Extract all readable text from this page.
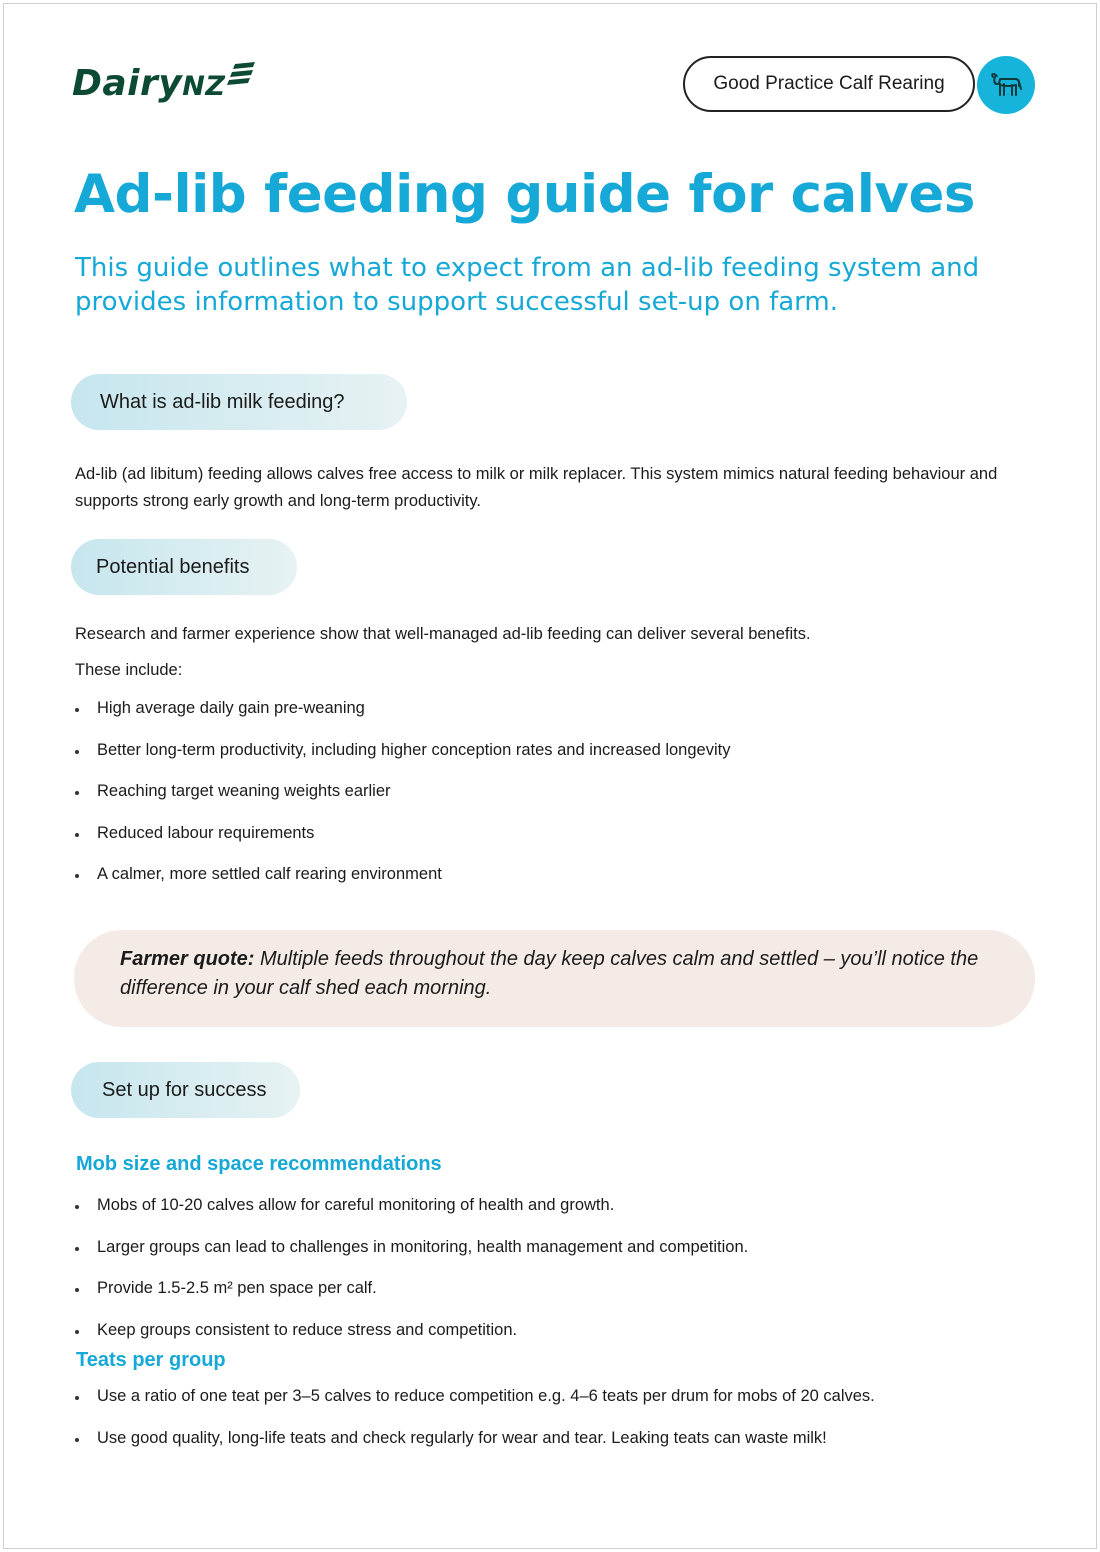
DairyNZ	Good Practice Calf Rearing
Ad-lib feeding guide for calves
This guide outlines what to expect from an ad-lib feeding system and provides information to support successful set-up on farm.
What is ad-lib milk feeding?
Ad-lib (ad libitum) feeding allows calves free access to milk or milk replacer. This system mimics natural feeding behaviour and supports strong early growth and long-term productivity.
Potential benefits
Research and farmer experience show that well-managed ad-lib feeding can deliver several benefits.
These include:
High average daily gain pre-weaning
Better long-term productivity, including higher conception rates and increased longevity
Reaching target weaning weights earlier
Reduced labour requirements
A calmer, more settled calf rearing environment
Farmer quote: Multiple feeds throughout the day keep calves calm and settled – you’ll notice the difference in your calf shed each morning.
Set up for success
Mob size and space recommendations
Mobs of 10-20 calves allow for careful monitoring of health and growth.
Larger groups can lead to challenges in monitoring, health management and competition.
Provide 1.5-2.5 m² pen space per calf.
Keep groups consistent to reduce stress and competition.
Teats per group
Use a ratio of one teat per 3–5 calves to reduce competition e.g. 4–6 teats per drum for mobs of 20 calves.
Use good quality, long-life teats and check regularly for wear and tear. Leaking teats can waste milk!
